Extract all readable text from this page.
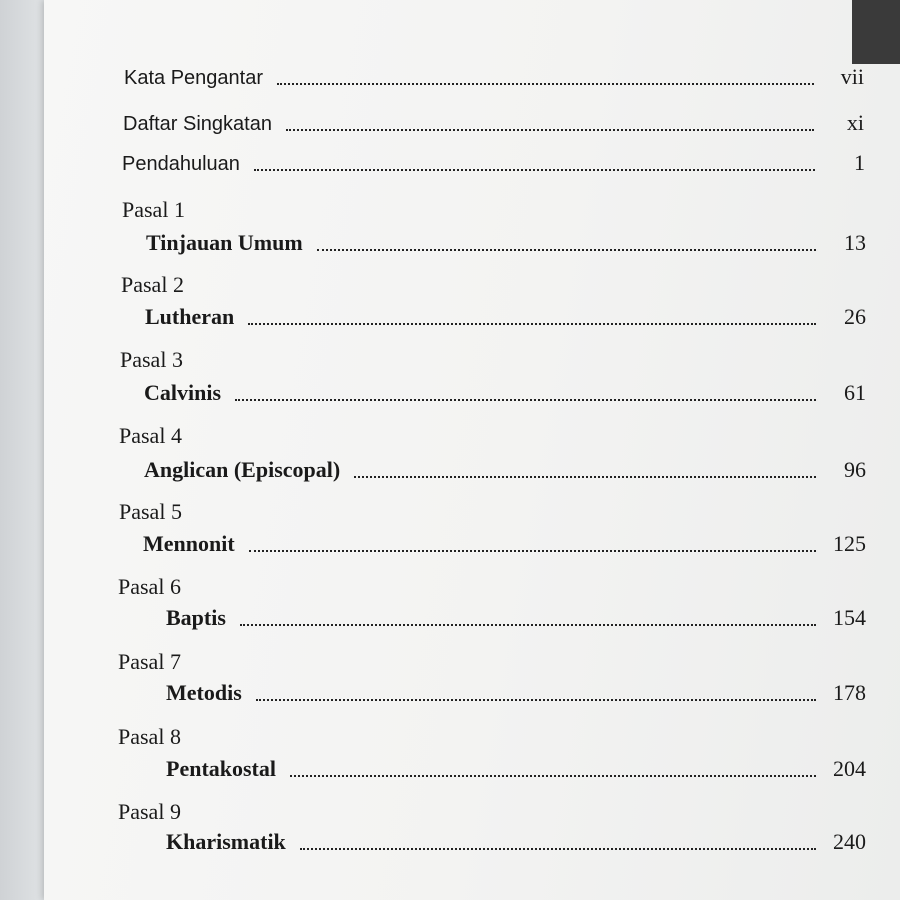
Kata Pengantar	vii
Daftar Singkatan	xi
Pendahuluan	1
Pasal 1
Tinjauan Umum	13
Pasal 2
Lutheran	26
Pasal 3
Calvinis	61
Pasal 4
Anglican (Episcopal)	96
Pasal 5
Mennonit	125
Pasal 6
Baptis	154
Pasal 7
Metodis	178
Pasal 8
Pentakostal	204
Pasal 9
Kharismatik	240
